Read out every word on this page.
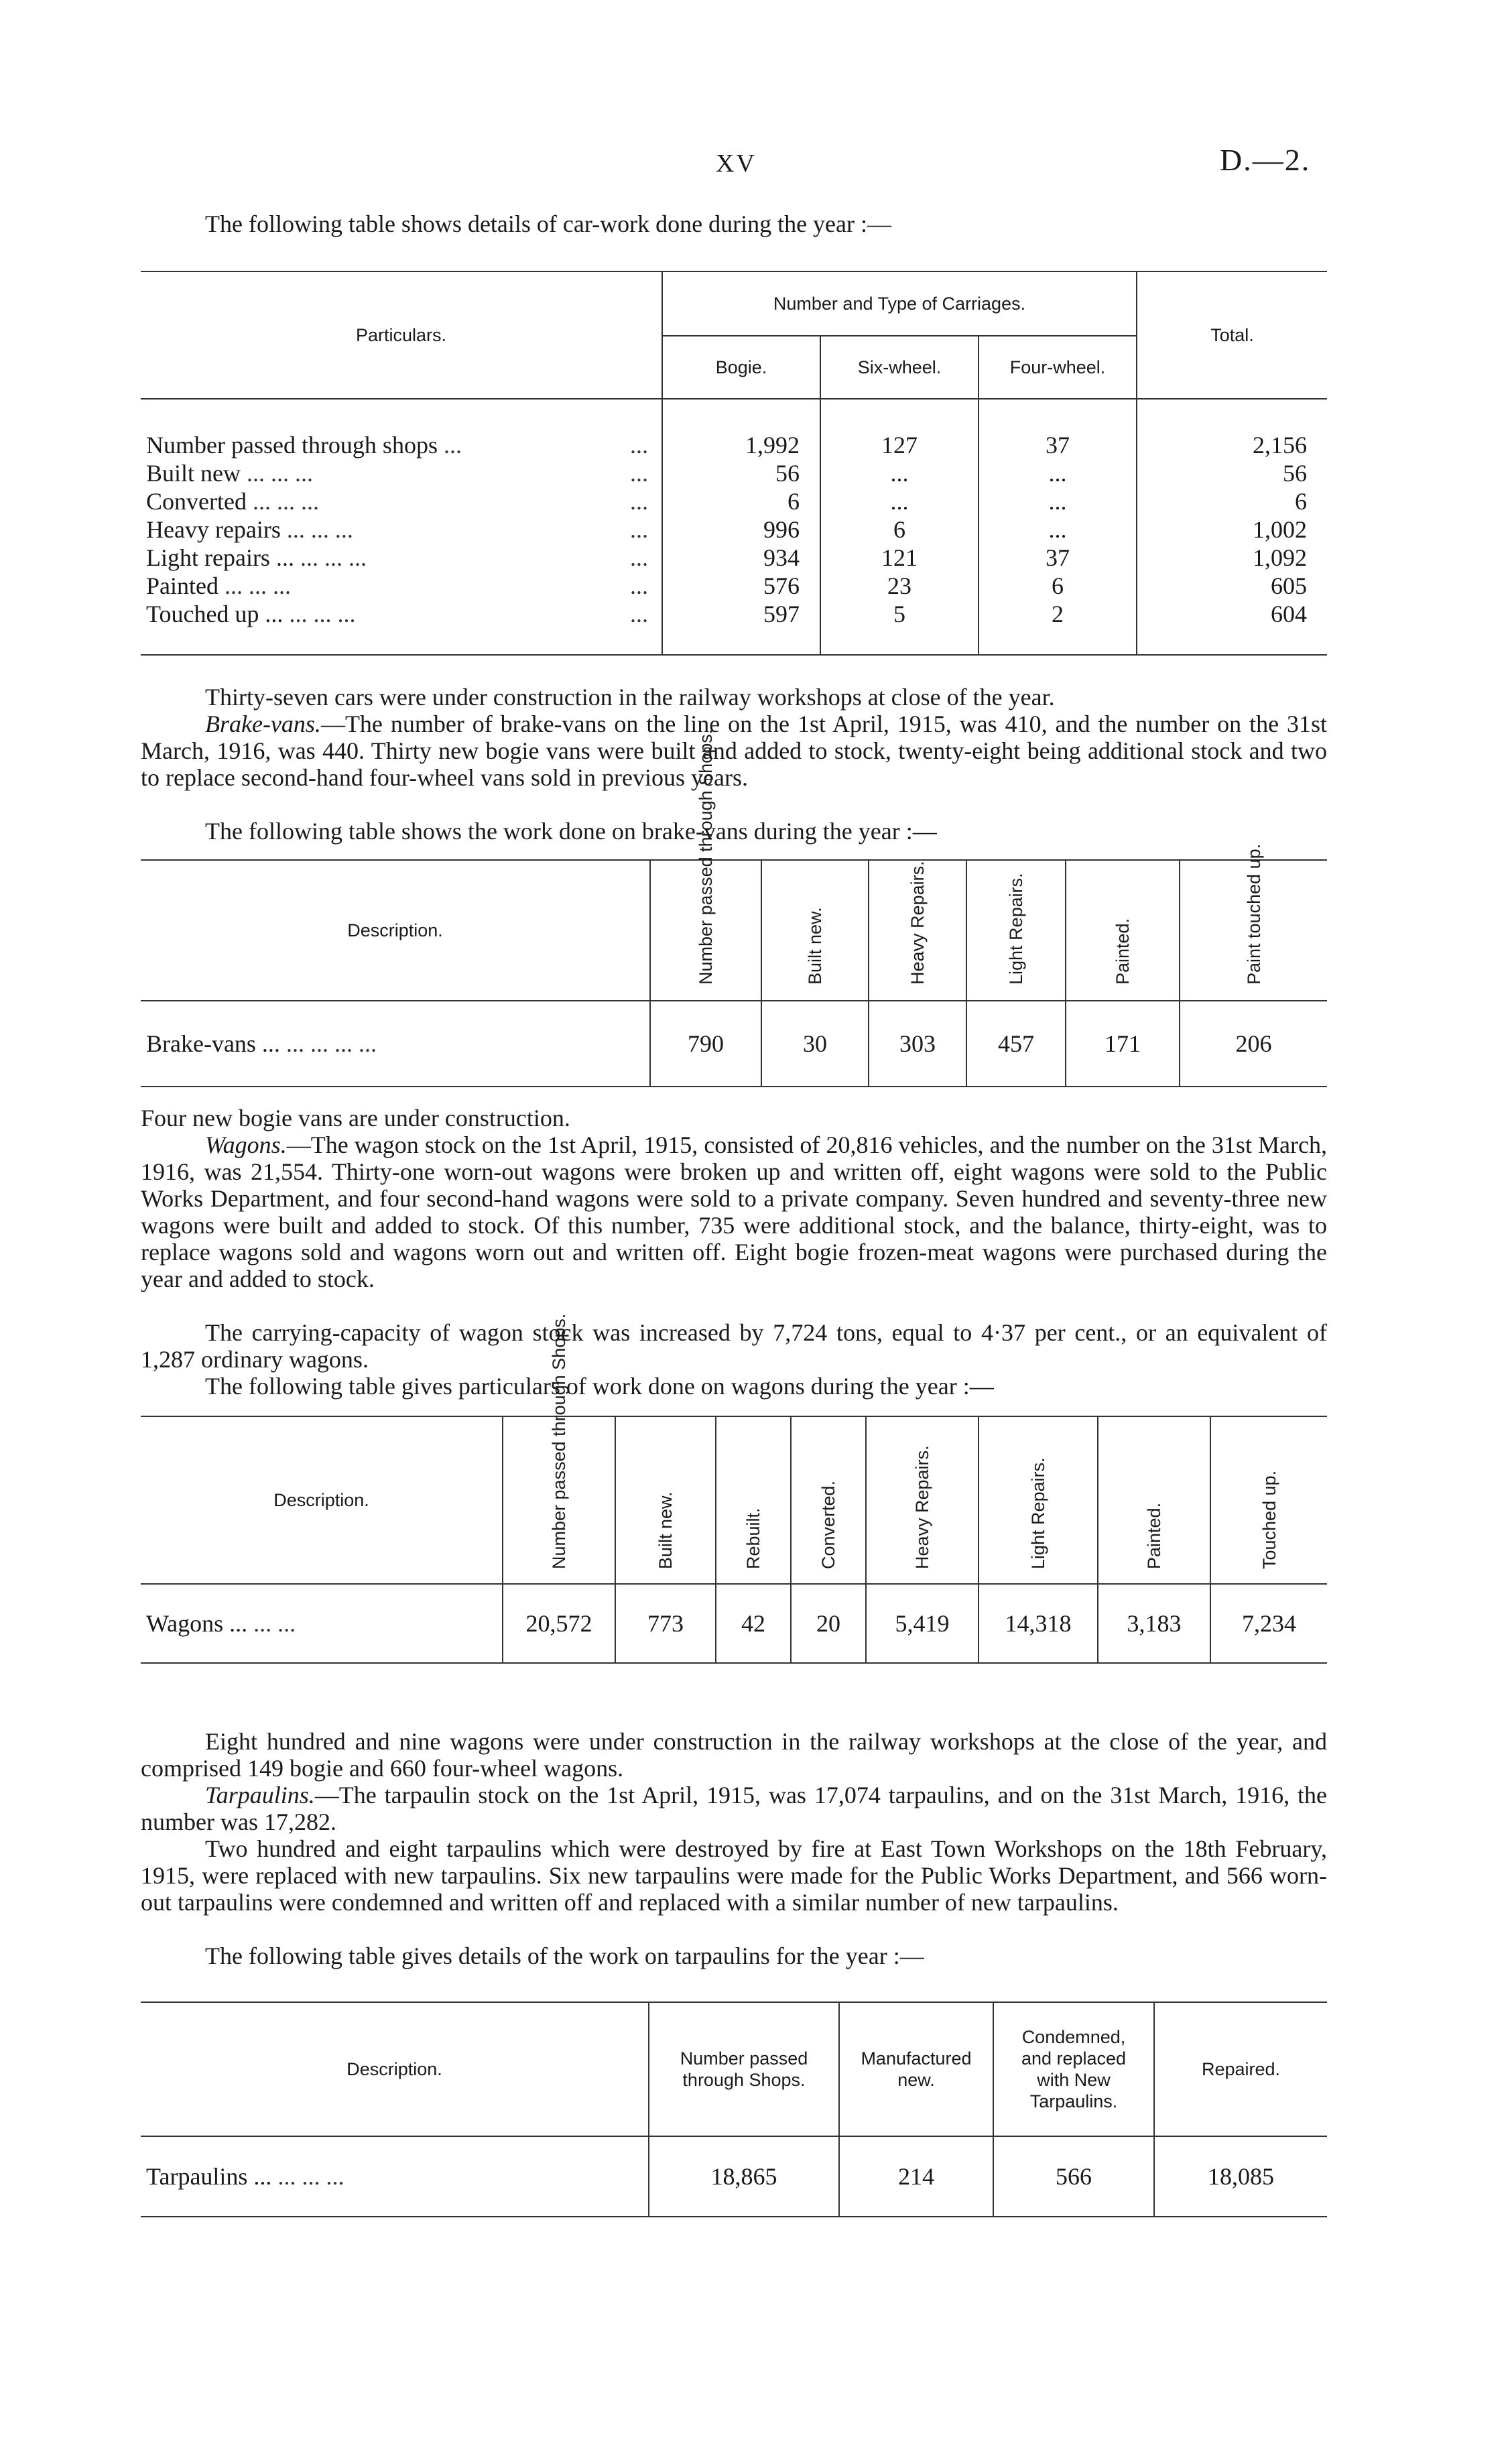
XV	D.—2.
The following table shows details of car-work done during the year :—
Particulars.	Number and Type of Carriages.			Total.
	Bogie.	Six-wheel.	Four-wheel.	

Number passed through shops ... ...	1,992	127	37	2,156
Built new ... ... ... ...	56	...	...	56
Converted ... ... ... ...	6	...	...	6
Heavy repairs ... ... ... ...	996	6	...	1,002
Light repairs ... ... ... ... ...	934	121	37	1,092
Painted ... ... ... ...	576	23	6	605
Touched up ... ... ... ... ...	597	5	2	604

Thirty-seven cars were under construction in the railway workshops at close of the year.
Brake-vans.—The number of brake-vans on the line on the 1st April, 1915, was 410, and the number on the 31st March, 1916, was 440. Thirty new bogie vans were built and added to stock, twenty-eight being additional stock and two to replace second-hand four-wheel vans sold in previous years.
The following table shows the work done on brake-vans during the year :—
Description.	Number passed through Shops.	Built new.	Heavy Repairs.	Light Repairs.	Painted.	Paint touched up.
Brake-vans ... ... ... ... ...	790	30	303	457	171	206
Four new bogie vans are under construction.
Wagons.—The wagon stock on the 1st April, 1915, consisted of 20,816 vehicles, and the number on the 31st March, 1916, was 21,554. Thirty-one worn-out wagons were broken up and written off, eight wagons were sold to the Public Works Department, and four second-hand wagons were sold to a private company. Seven hundred and seventy-three new wagons were built and added to stock. Of this number, 735 were additional stock, and the balance, thirty-eight, was to replace wagons sold and wagons worn out and written off. Eight bogie frozen-meat wagons were purchased during the year and added to stock.
The carrying-capacity of wagon stock was increased by 7,724 tons, equal to 4·37 per cent., or an equivalent of 1,287 ordinary wagons.
The following table gives particulars of work done on wagons during the year :—
Description.	Number passed through Shops.	Built new.	Rebuilt.	Converted.	Heavy Repairs.	Light Repairs.	Painted.	Touched up.
Wagons ... ... ...	20,572	773	42	20	5,419	14,318	3,183	7,234
Eight hundred and nine wagons were under construction in the railway workshops at the close of the year, and comprised 149 bogie and 660 four-wheel wagons.
Tarpaulins.—The tarpaulin stock on the 1st April, 1915, was 17,074 tarpaulins, and on the 31st March, 1916, the number was 17,282.
Two hundred and eight tarpaulins which were destroyed by fire at East Town Workshops on the 18th February, 1915, were replaced with new tarpaulins. Six new tarpaulins were made for the Public Works Department, and 566 worn-out tarpaulins were condemned and written off and replaced with a similar number of new tarpaulins.
The following table gives details of the work on tarpaulins for the year :—
Description.	Number passed through Shops.	Manufactured new.	Condemned, and replaced with New Tarpaulins.	Repaired.
Tarpaulins ... ... ... ...	18,865	214	566	18,085
